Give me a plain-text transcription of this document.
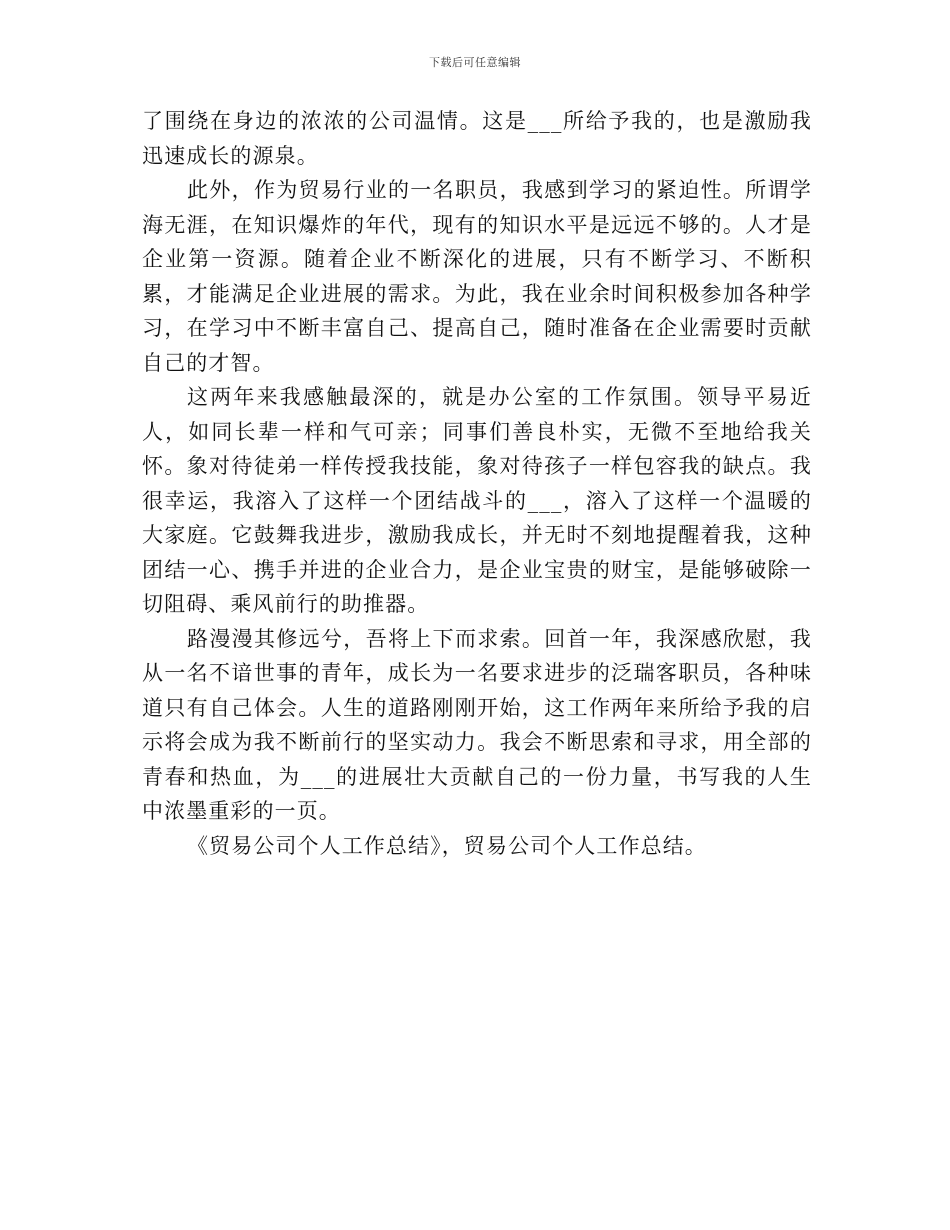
下载后可任意编辑

了围绕在身边的浓浓的公司温情。这是___所给予我的，也是激励我迅速成长的源泉。

此外，作为贸易行业的一名职员，我感到学习的紧迫性。所谓学海无涯，在知识爆炸的年代，现有的知识水平是远远不够的。人才是企业第一资源。随着企业不断深化的进展，只有不断学习、不断积累，才能满足企业进展的需求。为此，我在业余时间积极参加各种学习，在学习中不断丰富自己、提高自己，随时准备在企业需要时贡献自己的才智。

这两年来我感触最深的，就是办公室的工作氛围。领导平易近人，如同长辈一样和气可亲；同事们善良朴实，无微不至地给我关怀。象对待徒弟一样传授我技能，象对待孩子一样包容我的缺点。我很幸运，我溶入了这样一个团结战斗的___，溶入了这样一个温暖的大家庭。它鼓舞我进步，激励我成长，并无时不刻地提醒着我，这种团结一心、携手并进的企业合力，是企业宝贵的财宝，是能够破除一切阻碍、乘风前行的助推器。

路漫漫其修远兮，吾将上下而求索。回首一年，我深感欣慰，我从一名不谙世事的青年，成长为一名要求进步的泛瑞客职员，各种味道只有自己体会。人生的道路刚刚开始，这工作两年来所给予我的启示将会成为我不断前行的坚实动力。我会不断思索和寻求，用全部的青春和热血，为___的进展壮大贡献自己的一份力量，书写我的人生中浓墨重彩的一页。

《贸易公司个人工作总结》，贸易公司个人工作总结。
